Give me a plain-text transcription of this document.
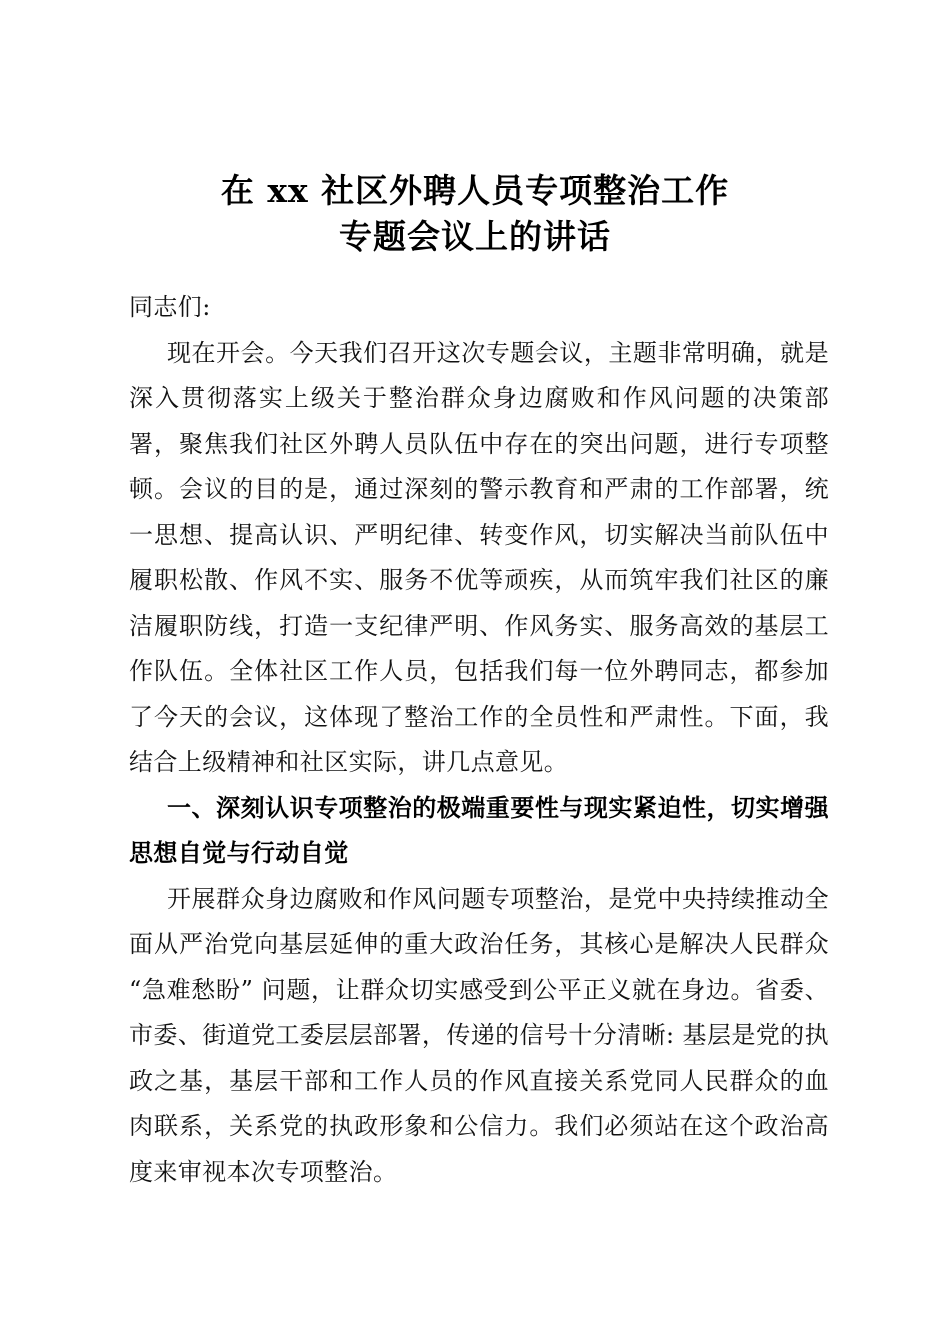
在 xx 社区外聘人员专项整治工作
专题会议上的讲话

同志们:

现在开会。今天我们召开这次专题会议，主题非常明确，就是深入贯彻落实上级关于整治群众身边腐败和作风问题的决策部署，聚焦我们社区外聘人员队伍中存在的突出问题，进行专项整顿。会议的目的是，通过深刻的警示教育和严肃的工作部署，统一思想、提高认识、严明纪律、转变作风，切实解决当前队伍中履职松散、作风不实、服务不优等顽疾，从而筑牢我们社区的廉洁履职防线，打造一支纪律严明、作风务实、服务高效的基层工作队伍。全体社区工作人员，包括我们每一位外聘同志，都参加了今天的会议，这体现了整治工作的全员性和严肃性。下面，我结合上级精神和社区实际，讲几点意见。

一、深刻认识专项整治的极端重要性与现实紧迫性，切实增强思想自觉与行动自觉

开展群众身边腐败和作风问题专项整治，是党中央持续推动全面从严治党向基层延伸的重大政治任务，其核心是解决人民群众 “急难愁盼” 问题，让群众切实感受到公平正义就在身边。省委、市委、街道党工委层层部署，传递的信号十分清晰: 基层是党的执政之基，基层干部和工作人员的作风直接关系党同人民群众的血肉联系，关系党的执政形象和公信力。我们必须站在这个政治高度来审视本次专项整治。
